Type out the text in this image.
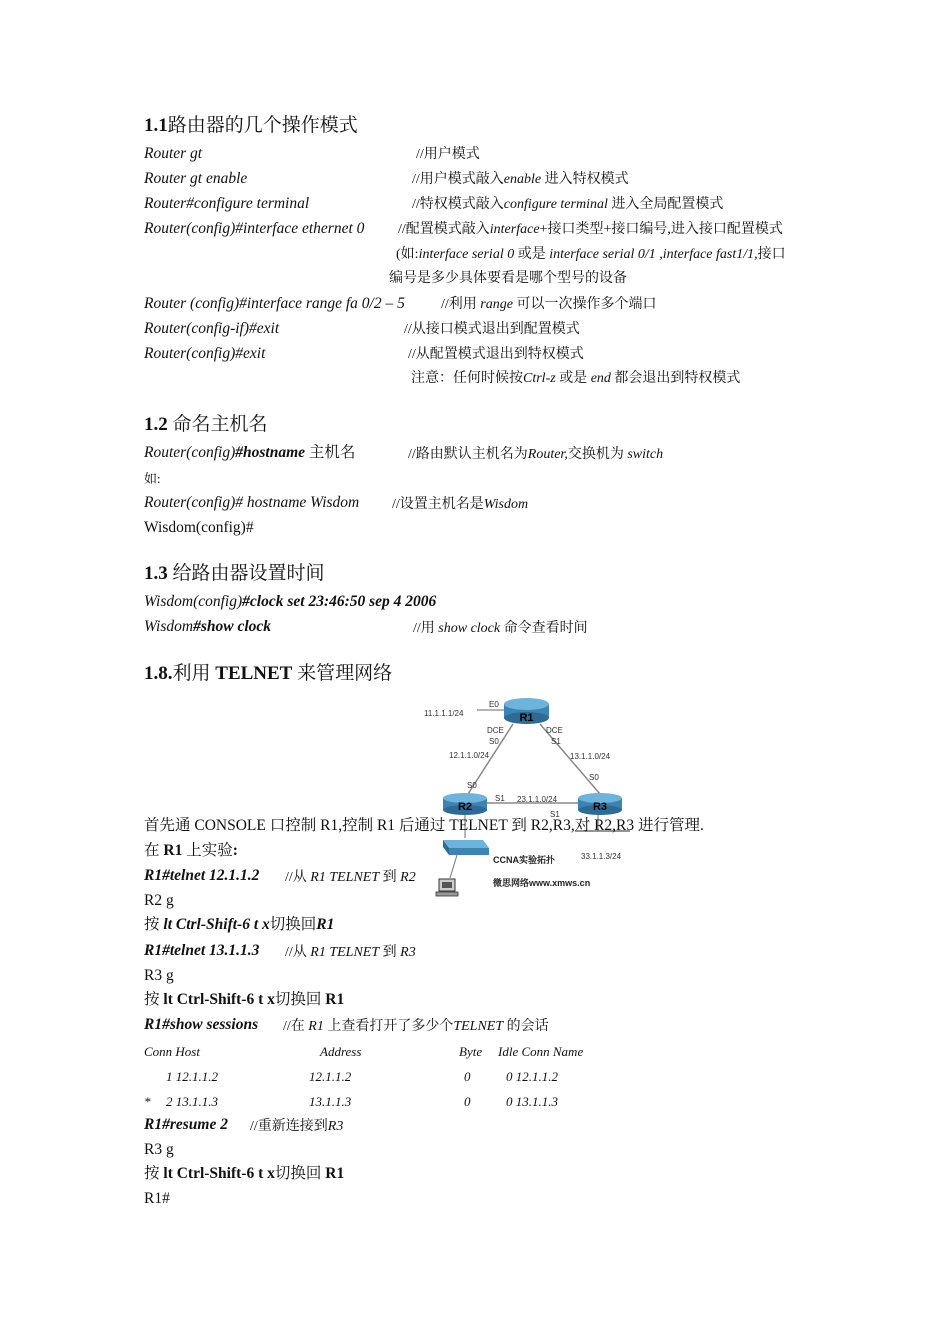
1.1路由器的几个操作模式
Router gt	//用户模式
Router gt enable	//用户模式敲入enable 进入特权模式
Router#configure terminal	//特权模式敲入configure terminal 进入全局配置模式
Router(config)#interface ethernet 0 //配置模式敲入interface+接口类型+接口编号,进入接口配置模式
(如:interface serial 0 或是 interface serial 0/1 ,interface fast1/1,接口
编号是多少具体要看是哪个型号的设备
Router (config)#interface range fa 0/2 – 5	//利用 range 可以一次操作多个端口
Router(config-if)#exit	//从接口模式退出到配置模式
Router(config)#exit	//从配置模式退出到特权模式
注意：任何时候按Ctrl-z 或是 end 都会退出到特权模式
1.2 命名主机名
Router(config)#hostname 主机名	//路由默认主机名为Router,交换机为 switch
如:
Router(config)# hostname Wisdom //设置主机名是Wisdom
Wisdom(config)#
1.3 给路由器设置时间
Wisdom(config)#clock set 23:46:50 sep 4 2006
Wisdom#show clock	//用 show clock 命令查看时间
1.8.利用 TELNET 来管理网络
R1
R2	R3
11.1.1.1/24
E0
DCE
S0
12.1.1.0/24
DCE
S1
13.1.1.0/24
S0
S0
S1 23.1.1.0/24
S1
33.1.1.3/24
CCNA实验拓扑
微思网络www.xmws.cn
首先通 CONSOLE 口控制 R1,控制 R1 后通过 TELNET 到 R2,R3,对 R2,R3 进行管理.
在 R1 上实验:
R1#telnet 12.1.1.2 //从 R1 TELNET 到 R2
R2 g
按 lt Ctrl-Shift-6 t x切换回R1
R1#telnet 13.1.1.3 //从 R1 TELNET 到 R3
R3 g
按 lt Ctrl-Shift-6 t x切换回 R1
R1#show sessions //在 R1 上查看打开了多少个TELNET 的会话
Conn Host	Address	Byte Idle Conn Name
1 12.1.1.2	12.1.1.2	0	0 12.1.1.2
* 2 13.1.1.3	13.1.1.3	0	0 13.1.1.3
R1#resume 2 //重新连接到R3
R3 g
按 lt Ctrl-Shift-6 t x切换回 R1
R1#
